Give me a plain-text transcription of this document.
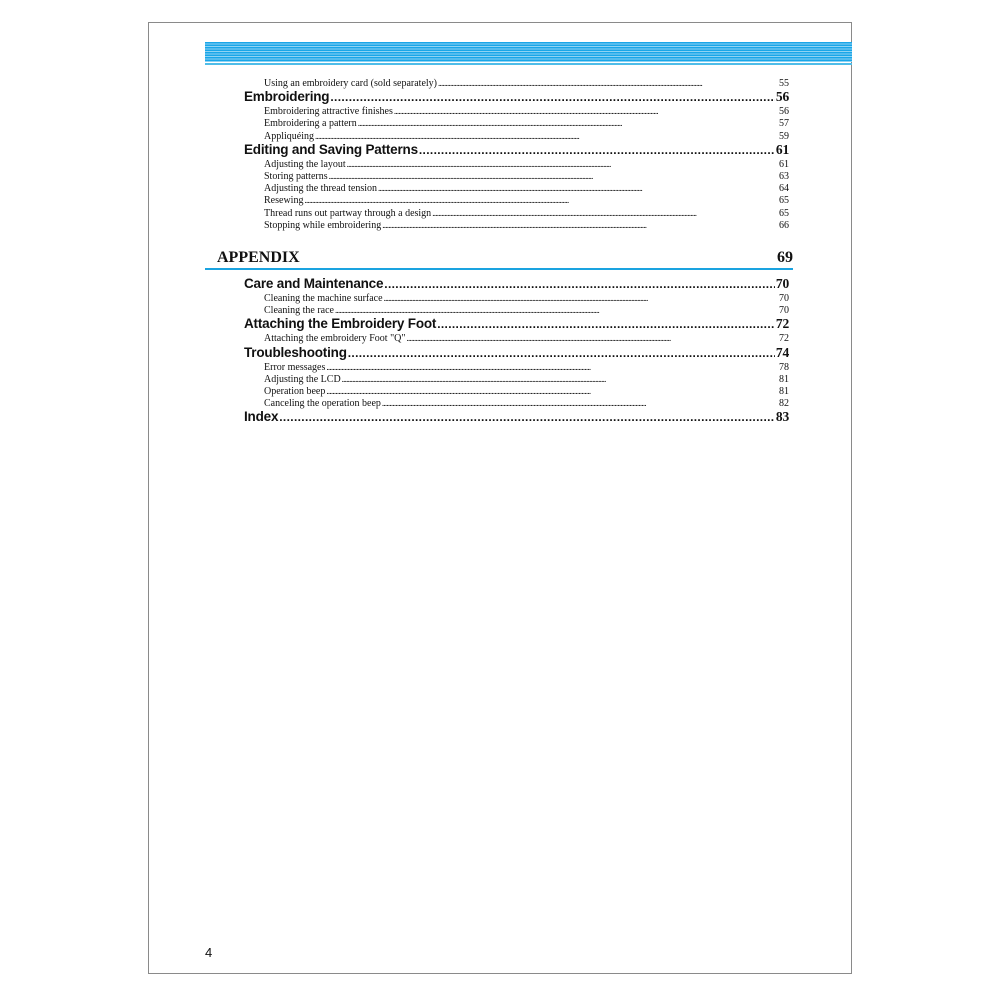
Using an embroidery card (sold separately) . . .	55
Embroidering . . .	56
Embroidering attractive finishes . . .	56
Embroidering a pattern . . .	57
Appliquéing . . .	59
Editing and Saving Patterns . . .	61
Adjusting the layout . . .	61
Storing patterns . . .	63
Adjusting the thread tension . . .	64
Resewing . . .	65
Thread runs out partway through a design . . .	65
Stopping while embroidering . . .	66
APPENDIX	69
Care and Maintenance . . .	70
Cleaning the machine surface . . .	70
Cleaning the race . . .	70
Attaching the Embroidery Foot . . .	72
Attaching the embroidery Foot "Q" . . .	72
Troubleshooting . . .	74
Error messages . . .	78
Adjusting the LCD . . .	81
Operation beep . . .	81
Canceling the operation beep . . .	82
Index . . .	83
4
